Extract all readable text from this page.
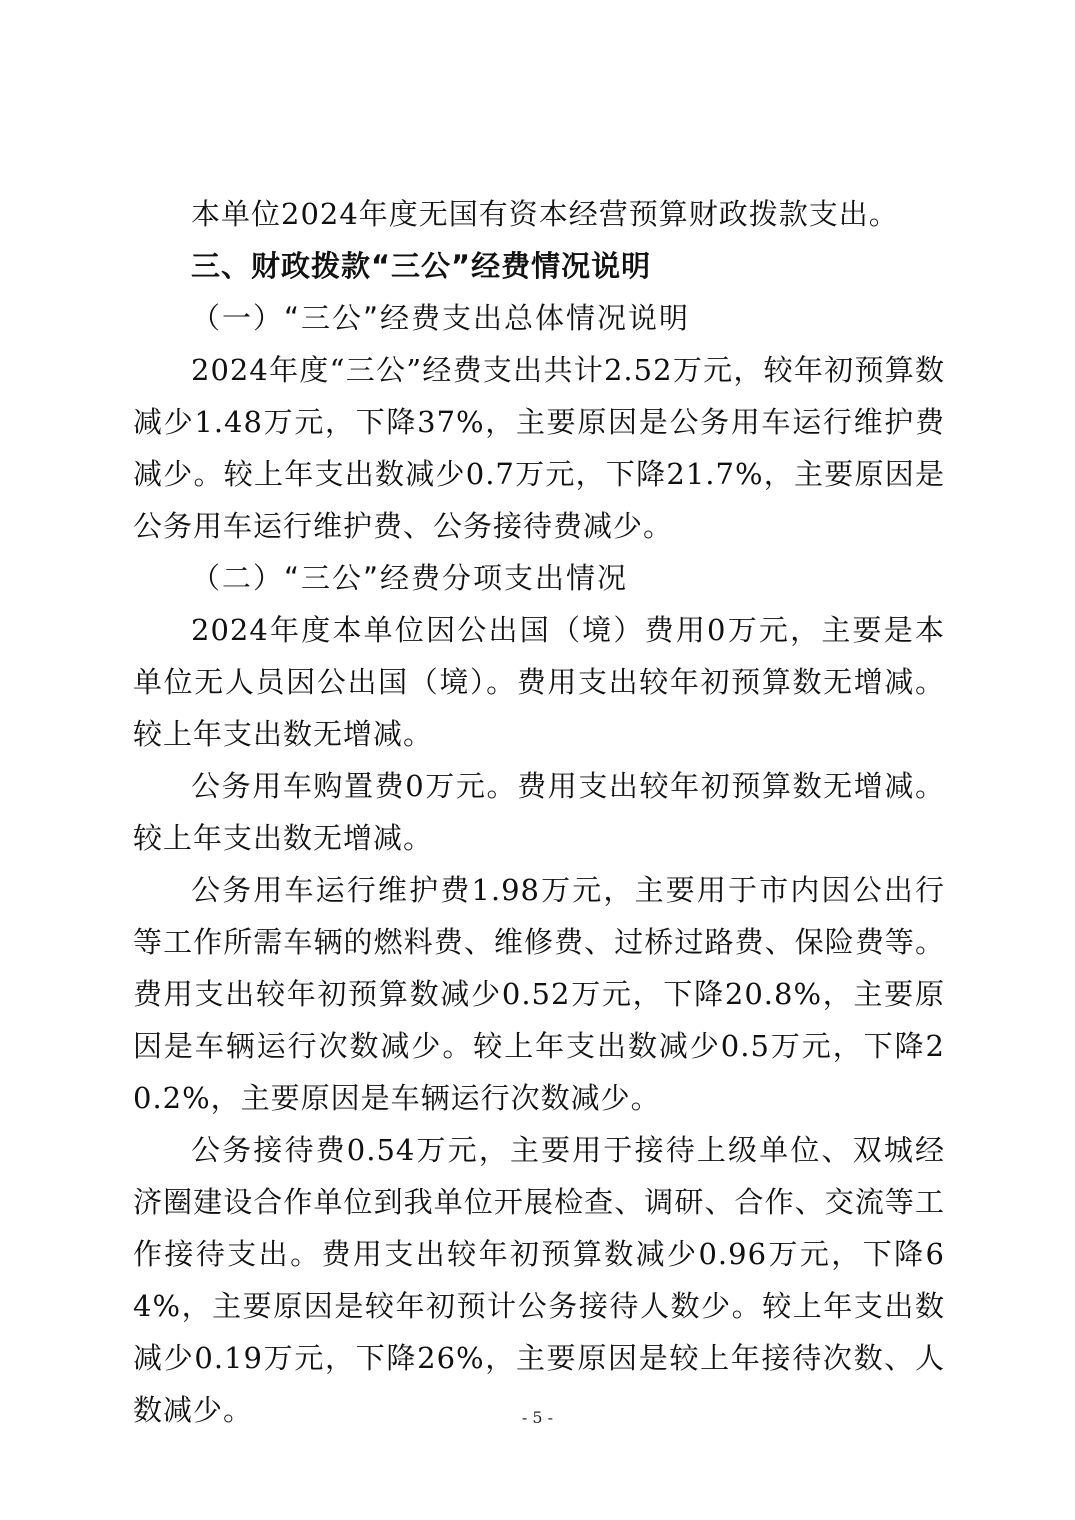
本单位2024年度无国有资本经营预算财政拨款支出。

三、财政拨款“三公”经费情况说明

（一）“三公”经费支出总体情况说明

2024年度“三公”经费支出共计2.52万元，较年初预算数减少1.48万元，下降37%，主要原因是公务用车运行维护费减少。较上年支出数减少0.7万元，下降21.7%，主要原因是公务用车运行维护费、公务接待费减少。

（二）“三公”经费分项支出情况

2024年度本单位因公出国（境）费用0万元，主要是本单位无人员因公出国（境）。费用支出较年初预算数无增减。较上年支出数无增减。

公务用车购置费0万元。费用支出较年初预算数无增减。较上年支出数无增减。

公务用车运行维护费1.98万元，主要用于市内因公出行等工作所需车辆的燃料费、维修费、过桥过路费、保险费等。费用支出较年初预算数减少0.52万元，下降20.8%，主要原因是车辆运行次数减少。较上年支出数减少0.5万元，下降20.2%，主要原因是车辆运行次数减少。

公务接待费0.54万元，主要用于接待上级单位、双城经济圈建设合作单位到我单位开展检查、调研、合作、交流等工作接待支出。费用支出较年初预算数减少0.96万元，下降64%，主要原因是较年初预计公务接待人数少。较上年支出数减少0.19万元，下降26%，主要原因是较上年接待次数、人数减少。	- 5 -
